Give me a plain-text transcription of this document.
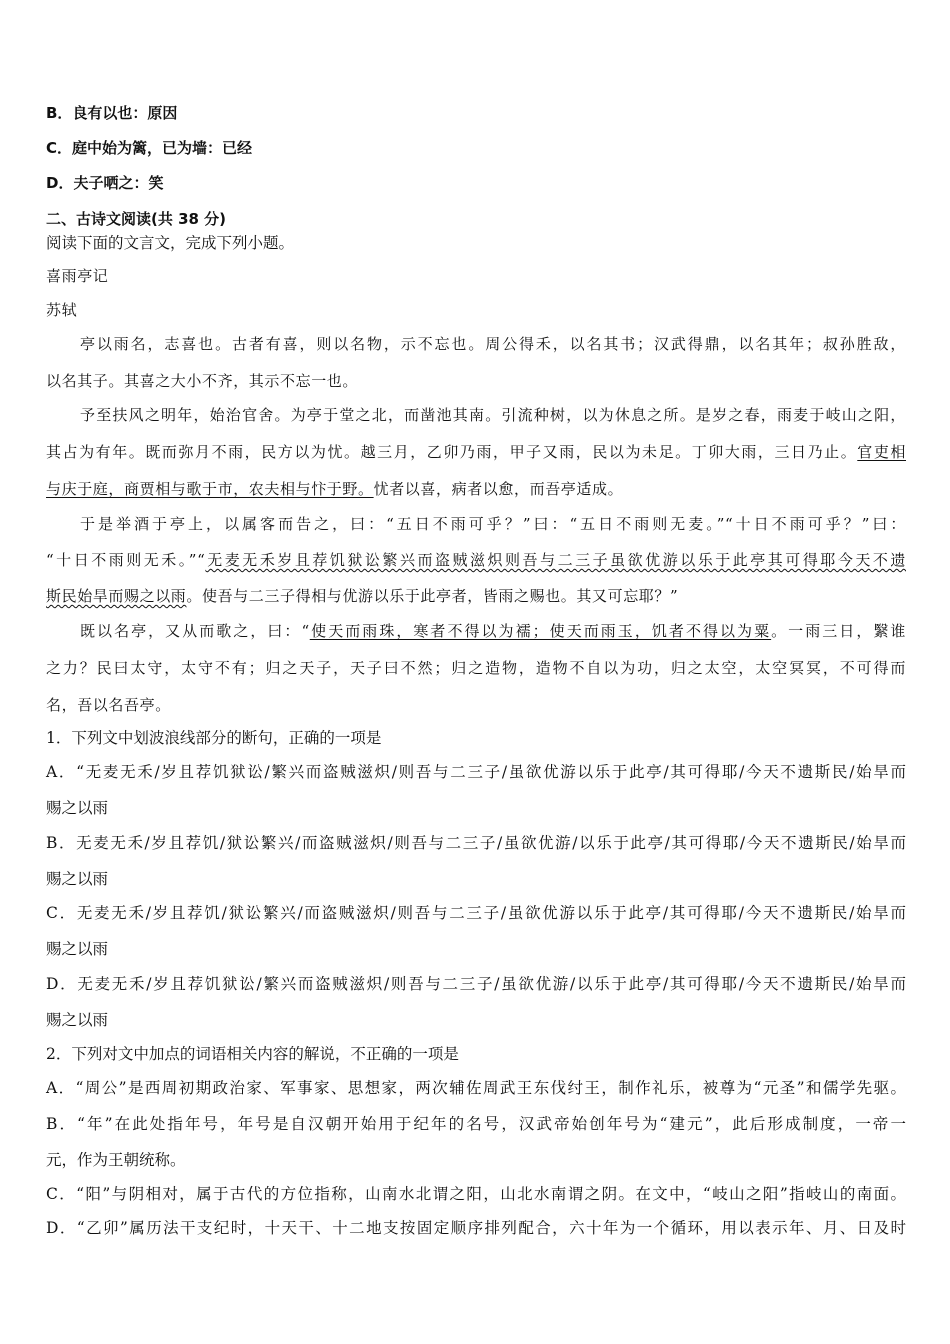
B．良有以也：原因
C．庭中始为篱，已为墙：已经
D．夫子哂之：笑
二、古诗文阅读(共 38 分)
阅读下面的文言文，完成下列小题。
喜雨亭记
苏轼
亭以雨名，志喜也。古者有喜，则以名物，示不忘也。周公得禾，以名其书；汉武得鼎，以名其年；叔孙胜敌，
以名其子。其喜之大小不齐，其示不忘一也。
予至扶风之明年，始治官舍。为亭于堂之北，而凿池其南。引流种树，以为休息之所。是岁之春，雨麦于岐山之阳，
其占为有年。既而弥月不雨，民方以为忧。越三月，乙卯乃雨，甲子又雨，民以为未足。丁卯大雨，三日乃止。官吏相
与庆于庭，商贾相与歌于市，农夫相与忭于野。忧者以喜，病者以愈，而吾亭适成。
于是举酒于亭上，以属客而告之，曰：“五日不雨可乎？”曰：“五日不雨则无麦。”“十日不雨可乎？”曰：
“十日不雨则无禾。”“无麦无禾岁且荐饥狱讼繁兴而盗贼滋炽则吾与二三子虽欲优游以乐于此亭其可得耶今天不遗
斯民始旱而赐之以雨。使吾与二三子得相与优游以乐于此亭者，皆雨之赐也。其又可忘耶？”
既以名亭，又从而歌之，曰：“使天而雨珠，寒者不得以为襦；使天而雨玉，饥者不得以为粟。一雨三日，繄谁
之力？民曰太守，太守不有；归之天子，天子曰不然；归之造物，造物不自以为功，归之太空，太空冥冥，不可得而
名，吾以名吾亭。
1．下列文中划波浪线部分的断句，正确的一项是
A．“无麦无禾/岁且荐饥狱讼/繁兴而盗贼滋炽/则吾与二三子/虽欲优游以乐于此亭/其可得耶/今天不遗斯民/始旱而
赐之以雨
B．无麦无禾/岁且荐饥/狱讼繁兴/而盗贼滋炽/则吾与二三子/虽欲优游/以乐于此亭/其可得耶/今天不遗斯民/始旱而
赐之以雨
C．无麦无禾/岁且荐饥/狱讼繁兴/而盗贼滋炽/则吾与二三子/虽欲优游以乐于此亭/其可得耶/今天不遗斯民/始旱而
赐之以雨
D．无麦无禾/岁且荐饥狱讼/繁兴而盗贼滋炽/则吾与二三子/虽欲优游/以乐于此亭/其可得耶/今天不遗斯民/始旱而
赐之以雨
2．下列对文中加点的词语相关内容的解说，不正确的一项是
A．“周公”是西周初期政治家、军事家、思想家，两次辅佐周武王东伐纣王，制作礼乐，被尊为“元圣”和儒学先驱。
B．“年”在此处指年号，年号是自汉朝开始用于纪年的名号，汉武帝始创年号为“建元”，此后形成制度，一帝一
元，作为王朝统称。
C．“阳”与阴相对，属于古代的方位指称，山南水北谓之阳，山北水南谓之阴。在文中，“岐山之阳”指岐山的南面。
D．“乙卯”属历法干支纪时，十天干、十二地支按固定顺序排列配合，六十年为一个循环，用以表示年、月、日及时
